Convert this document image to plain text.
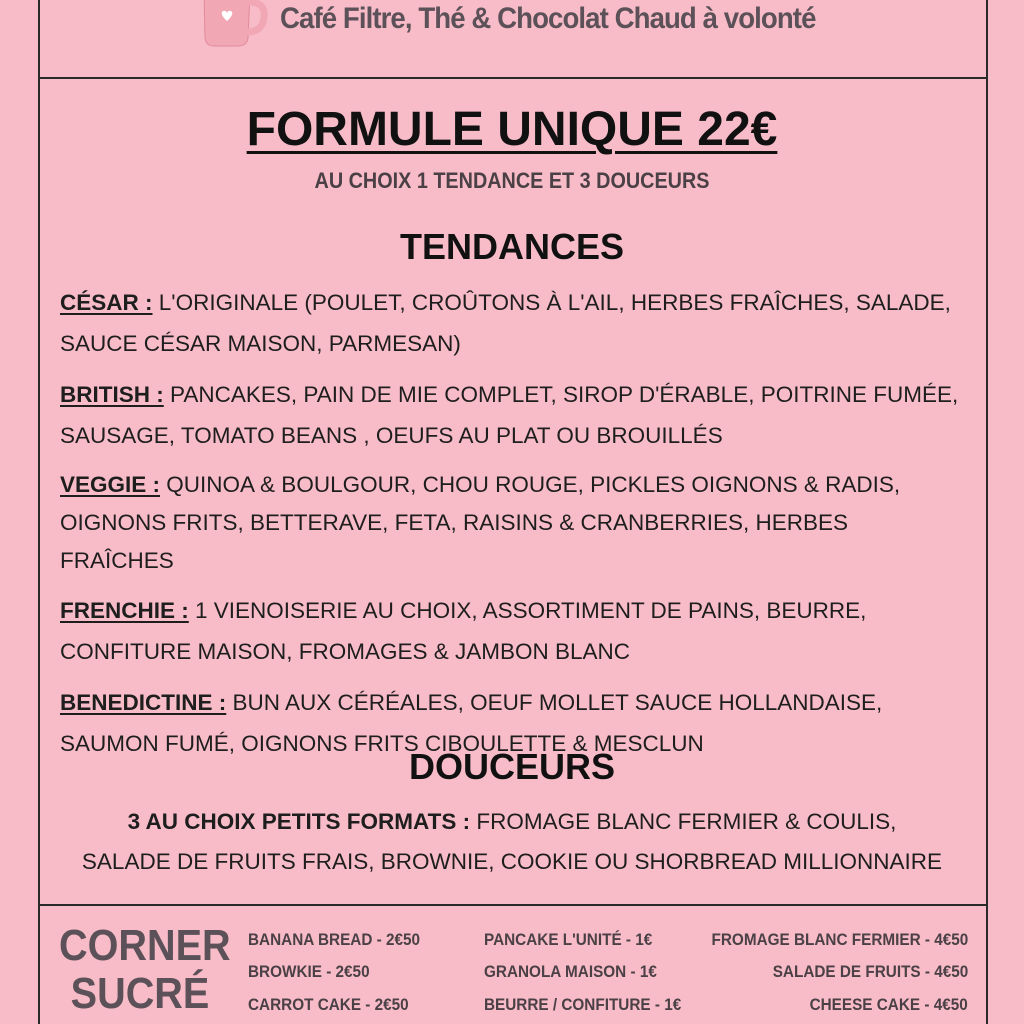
Café Filtre, Thé & Chocolat Chaud à volonté
FORMULE UNIQUE 22€
AU CHOIX 1 TENDANCE ET 3 DOUCEURS
TENDANCES
CÉSAR : L'ORIGINALE (POULET, CROÛTONS À L'AIL, HERBES FRAÎCHES, SALADE, SAUCE CÉSAR MAISON, PARMESAN)
BRITISH : PANCAKES, PAIN DE MIE COMPLET, SIROP D'ÉRABLE, POITRINE FUMÉE, SAUSAGE, TOMATO BEANS , OEUFS AU PLAT OU BROUILLÉS
VEGGIE : QUINOA & BOULGOUR, CHOU ROUGE, PICKLES OIGNONS & RADIS, OIGNONS FRITS, BETTERAVE, FETA, RAISINS & CRANBERRIES, HERBES FRAÎCHES
FRENCHIE : 1 VIENOISERIE AU CHOIX, ASSORTIMENT DE PAINS, BEURRE, CONFITURE MAISON, FROMAGES & JAMBON BLANC
BENEDICTINE : BUN AUX CÉRÉALES, OEUF MOLLET SAUCE HOLLANDAISE, SAUMON FUMÉ, OIGNONS FRITS CIBOULETTE & MESCLUN
DOUCEURS
3 AU CHOIX PETITS FORMATS : FROMAGE BLANC FERMIER & COULIS,
SALADE DE FRUITS FRAIS, BROWNIE, COOKIE OU SHORBREAD MILLIONNAIRE
CORNER
SUCRÉ
BANANA BREAD - 2€50
BROWKIE - 2€50
CARROT CAKE - 2€50
PANCAKE L'UNITÉ - 1€
GRANOLA MAISON - 1€
BEURRE / CONFITURE - 1€
FROMAGE BLANC FERMIER - 4€50
SALADE DE FRUITS - 4€50
CHEESE CAKE - 4€50
